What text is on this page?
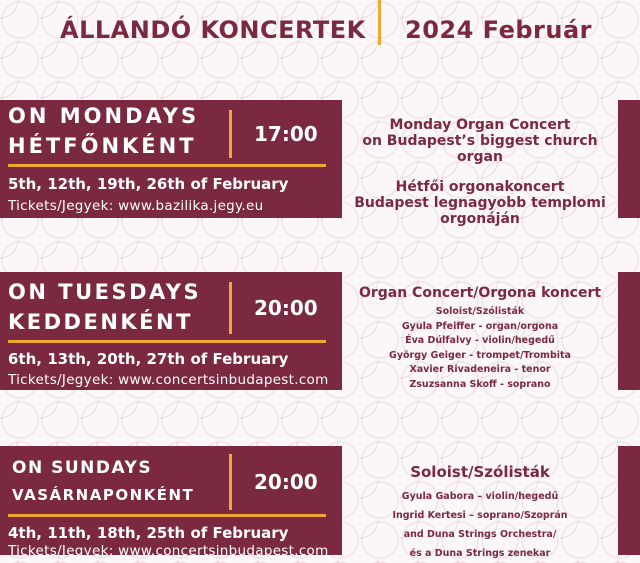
ÁLLANDÓ KONCERTEK 2024 Február
ON MONDAYS
HÉTFŐNKÉNT	17:00
5th, 12th, 19th, 26th of February
Tickets/Jegyek: www.bazilika.jegy.eu
Monday Organ Concert
on Budapest’s biggest church organ
Hétfői orgonakoncert
Budapest legnagyobb templomi
orgonáján
ON TUESDAYS
KEDDENKÉNT
20:00
6th, 13th, 20th, 27th of February
Tickets/Jegyek: www.concertsinbudapest.com
Organ Concert/Orgona koncert
Soloist/Szólisták
Gyula Pfeiffer - organ/orgona
Éva Dúlfalvy - violin/hegedű
György Geiger - trompet/Trombita
Xavier Rivadeneira - tenor
Zsuzsanna Skoff - soprano
ON SUNDAYS
VASÁRNAPONKÉNT
20:00
4th, 11th, 18th, 25th of February
Tickets/Jegyek: www.concertsinbudapest.com
Soloist/Szólisták
Gyula Gabora – violin/hegedű
Ingrid Kertesi – soprano/Szoprán
and Duna Strings Orchestra/
és a Duna Strings zenekar
